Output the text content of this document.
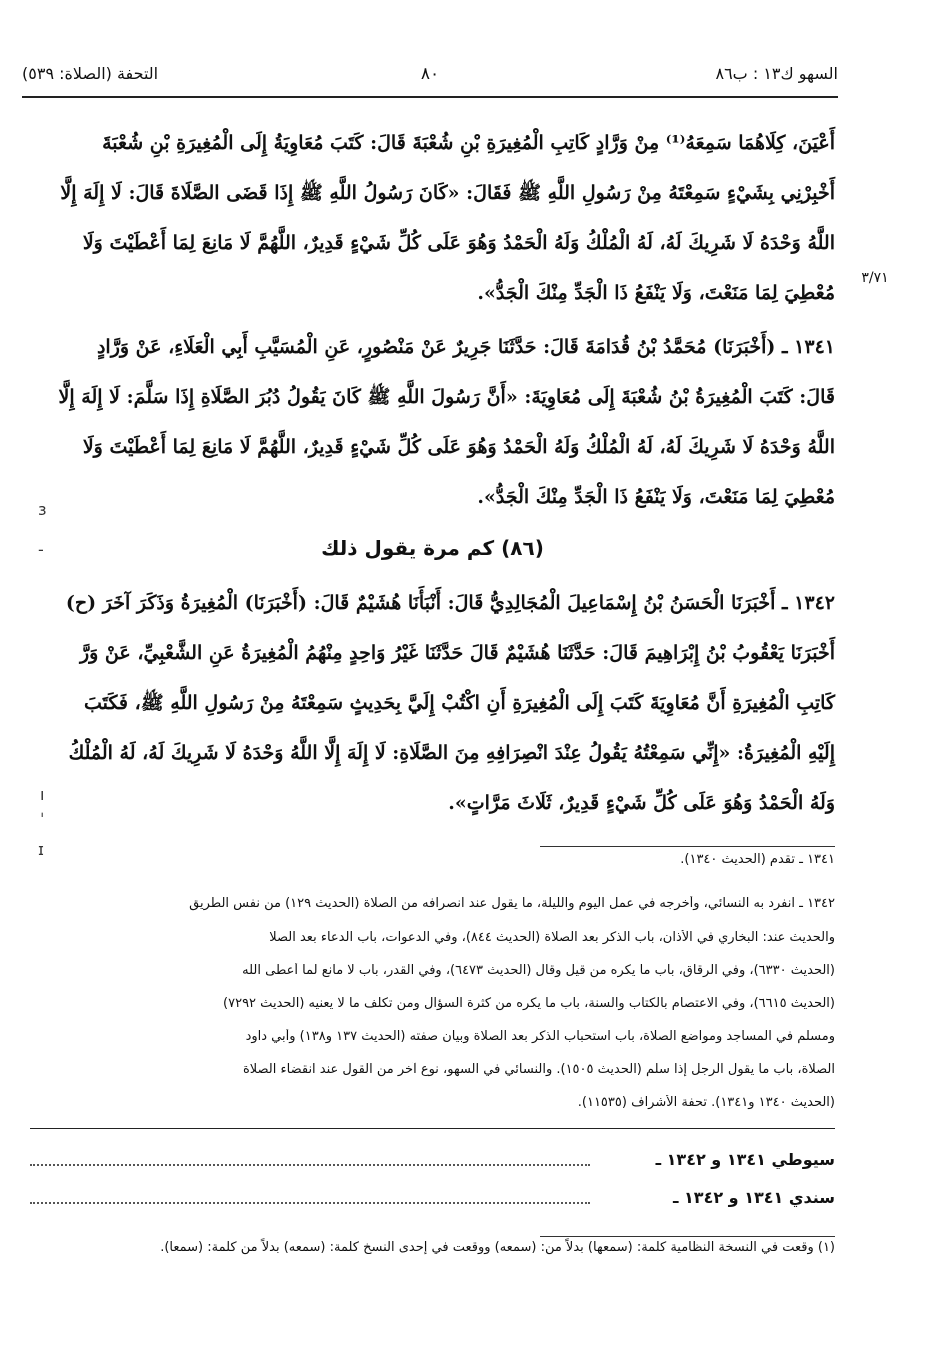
السهو ك١٣ : ب٨٦
٨٠
التحفة (الصلاة: ٥٣٩)
٣/٧١
أَعْيَنَ، كِلَاهُمَا سَمِعَهُ⁽¹⁾ مِنْ وَرَّادٍ كَاتِبِ الْمُغِيرَةِ بْنِ شُعْبَةَ قَالَ: كَتَبَ مُعَاوِيَةُ إِلَى الْمُغِيرَةِ بْنِ شُعْبَةَ
أَخْبِرْنِي بِشَيْءٍ سَمِعْتَهُ مِنْ رَسُولِ اللَّهِ ﷺ فَقَالَ: «كَانَ رَسُولُ اللَّهِ ﷺ إِذَا قَضَى الصَّلَاةَ قَالَ: لَا إِلَهَ إِلَّا
اللَّهُ وَحْدَهُ لَا شَرِيكَ لَهُ، لَهُ الْمُلْكُ وَلَهُ الْحَمْدُ وَهُوَ عَلَى كُلِّ شَيْءٍ قَدِيرٌ، اللَّهُمَّ لَا مَانِعَ لِمَا أَعْطَيْتَ وَلَا
مُعْطِيَ لِمَا مَنَعْتَ، وَلَا يَنْفَعُ ذَا الْجَدِّ مِنْكَ الْجَدُّ».
١٣٤١ ـ (أَخْبَرَنَا) مُحَمَّدُ بْنُ قُدَامَةَ قَالَ: حَدَّثَنَا جَرِيرٌ عَنْ مَنْصُورٍ، عَنِ الْمُسَيَّبِ أَبِي الْعَلَاءِ، عَنْ وَرَّادٍ
قَالَ: كَتَبَ الْمُغِيرَةُ بْنُ شُعْبَةَ إِلَى مُعَاوِيَةَ: «أَنَّ رَسُولَ اللَّهِ ﷺ كَانَ يَقُولُ دُبُرَ الصَّلَاةِ إِذَا سَلَّمَ: لَا إِلَهَ إِلَّا
اللَّهُ وَحْدَهُ لَا شَرِيكَ لَهُ، لَهُ الْمُلْكُ وَلَهُ الْحَمْدُ وَهُوَ عَلَى كُلِّ شَيْءٍ قَدِيرٌ، اللَّهُمَّ لَا مَانِعَ لِمَا أَعْطَيْتَ وَلَا
مُعْطِيَ لِمَا مَنَعْتَ، وَلَا يَنْفَعُ ذَا الْجَدِّ مِنْكَ الْجَدُّ».
ɜ
-	(٨٦) كم مرة يقول ذلك
١٣٤٢ ـ أَخْبَرَنَا الْحَسَنُ بْنُ إِسْمَاعِيلَ الْمُجَالِدِيُّ قَالَ: أَنْبَأَنَا هُشَيْمٌ قَالَ: (أَخْبَرَنَا) الْمُغِيرَةُ وَذَكَرَ آخَرَ (ح)
أَخْبَرَنَا يَعْقُوبُ بْنُ إِبْرَاهِيمَ قَالَ: حَدَّثَنَا هُشَيْمٌ قَالَ حَدَّثَنَا غَيْرُ وَاحِدٍ مِنْهُمُ الْمُغِيرَةُ عَنِ الشَّعْبِيِّ، عَنْ وَرَّ
كَاتِبِ الْمُغِيرَةِ أَنَّ مُعَاوِيَةَ كَتَبَ إِلَى الْمُغِيرَةِ أَنِ اكْتُبْ إِلَيَّ بِحَدِيثٍ سَمِعْتَهُ مِنْ رَسُولِ اللَّهِ ﷺ، فَكَتَبَ
إِلَيْهِ الْمُغِيرَةُ: «إِنِّي سَمِعْتُهُ يَقُولُ عِنْدَ انْصِرَافِهِ مِنَ الصَّلَاةِ: لَا إِلَهَ إِلَّا اللَّهُ وَحْدَهُ لَا شَرِيكَ لَهُ، لَهُ الْمُلْكُ
وَلَهُ الْحَمْدُ وَهُوَ عَلَى كُلِّ شَيْءٍ قَدِيرٌ، ثَلَاثَ مَرَّاتٍ».
ı
ˈ
ɪ
١٣٤١ ـ تقدم (الحديث ١٣٤٠).
١٣٤٢ ـ انفرد به النسائي، وأخرجه في عمل اليوم والليلة، ما يقول عند انصرافه من الصلاة (الحديث ١٢٩) من نفس الطريق
والحديث عند: البخاري في الأذان، باب الذكر بعد الصلاة (الحديث ٨٤٤)، وفي الدعوات، باب الدعاء بعد الصلا
(الحديث ٦٣٣٠)، وفي الرقاق، باب ما يكره من قيل وقال (الحديث ٦٤٧٣)، وفي القدر، باب لا مانع لما أعطى الله
(الحديث ٦٦١٥)، وفي الاعتصام بالكتاب والسنة، باب ما يكره من كثرة السؤال ومن تكلف ما لا يعنيه (الحديث ٧٢٩٢)
ومسلم في المساجد ومواضع الصلاة، باب استحباب الذكر بعد الصلاة وبيان صفته (الحديث ١٣٧ و١٣٨) وأبي داود
الصلاة، باب ما يقول الرجل إذا سلم (الحديث ١٥٠٥). والنسائي في السهو، نوع آخر من القول عند انقضاء الصلاة
(الحديث ١٣٤٠ و١٣٤١). تحفة الأشراف (١١٥٣٥).
سيوطي ١٣٤١ و ١٣٤٢ ـ
سندي ١٣٤١ و ١٣٤٢ ـ
(١) وقعت في النسخة النظامية كلمة: (سمعها) بدلاً من: (سمعه) ووقعت في إحدى النسخ كلمة: (سمعه) بدلاً من كلمة: (سمعا).
